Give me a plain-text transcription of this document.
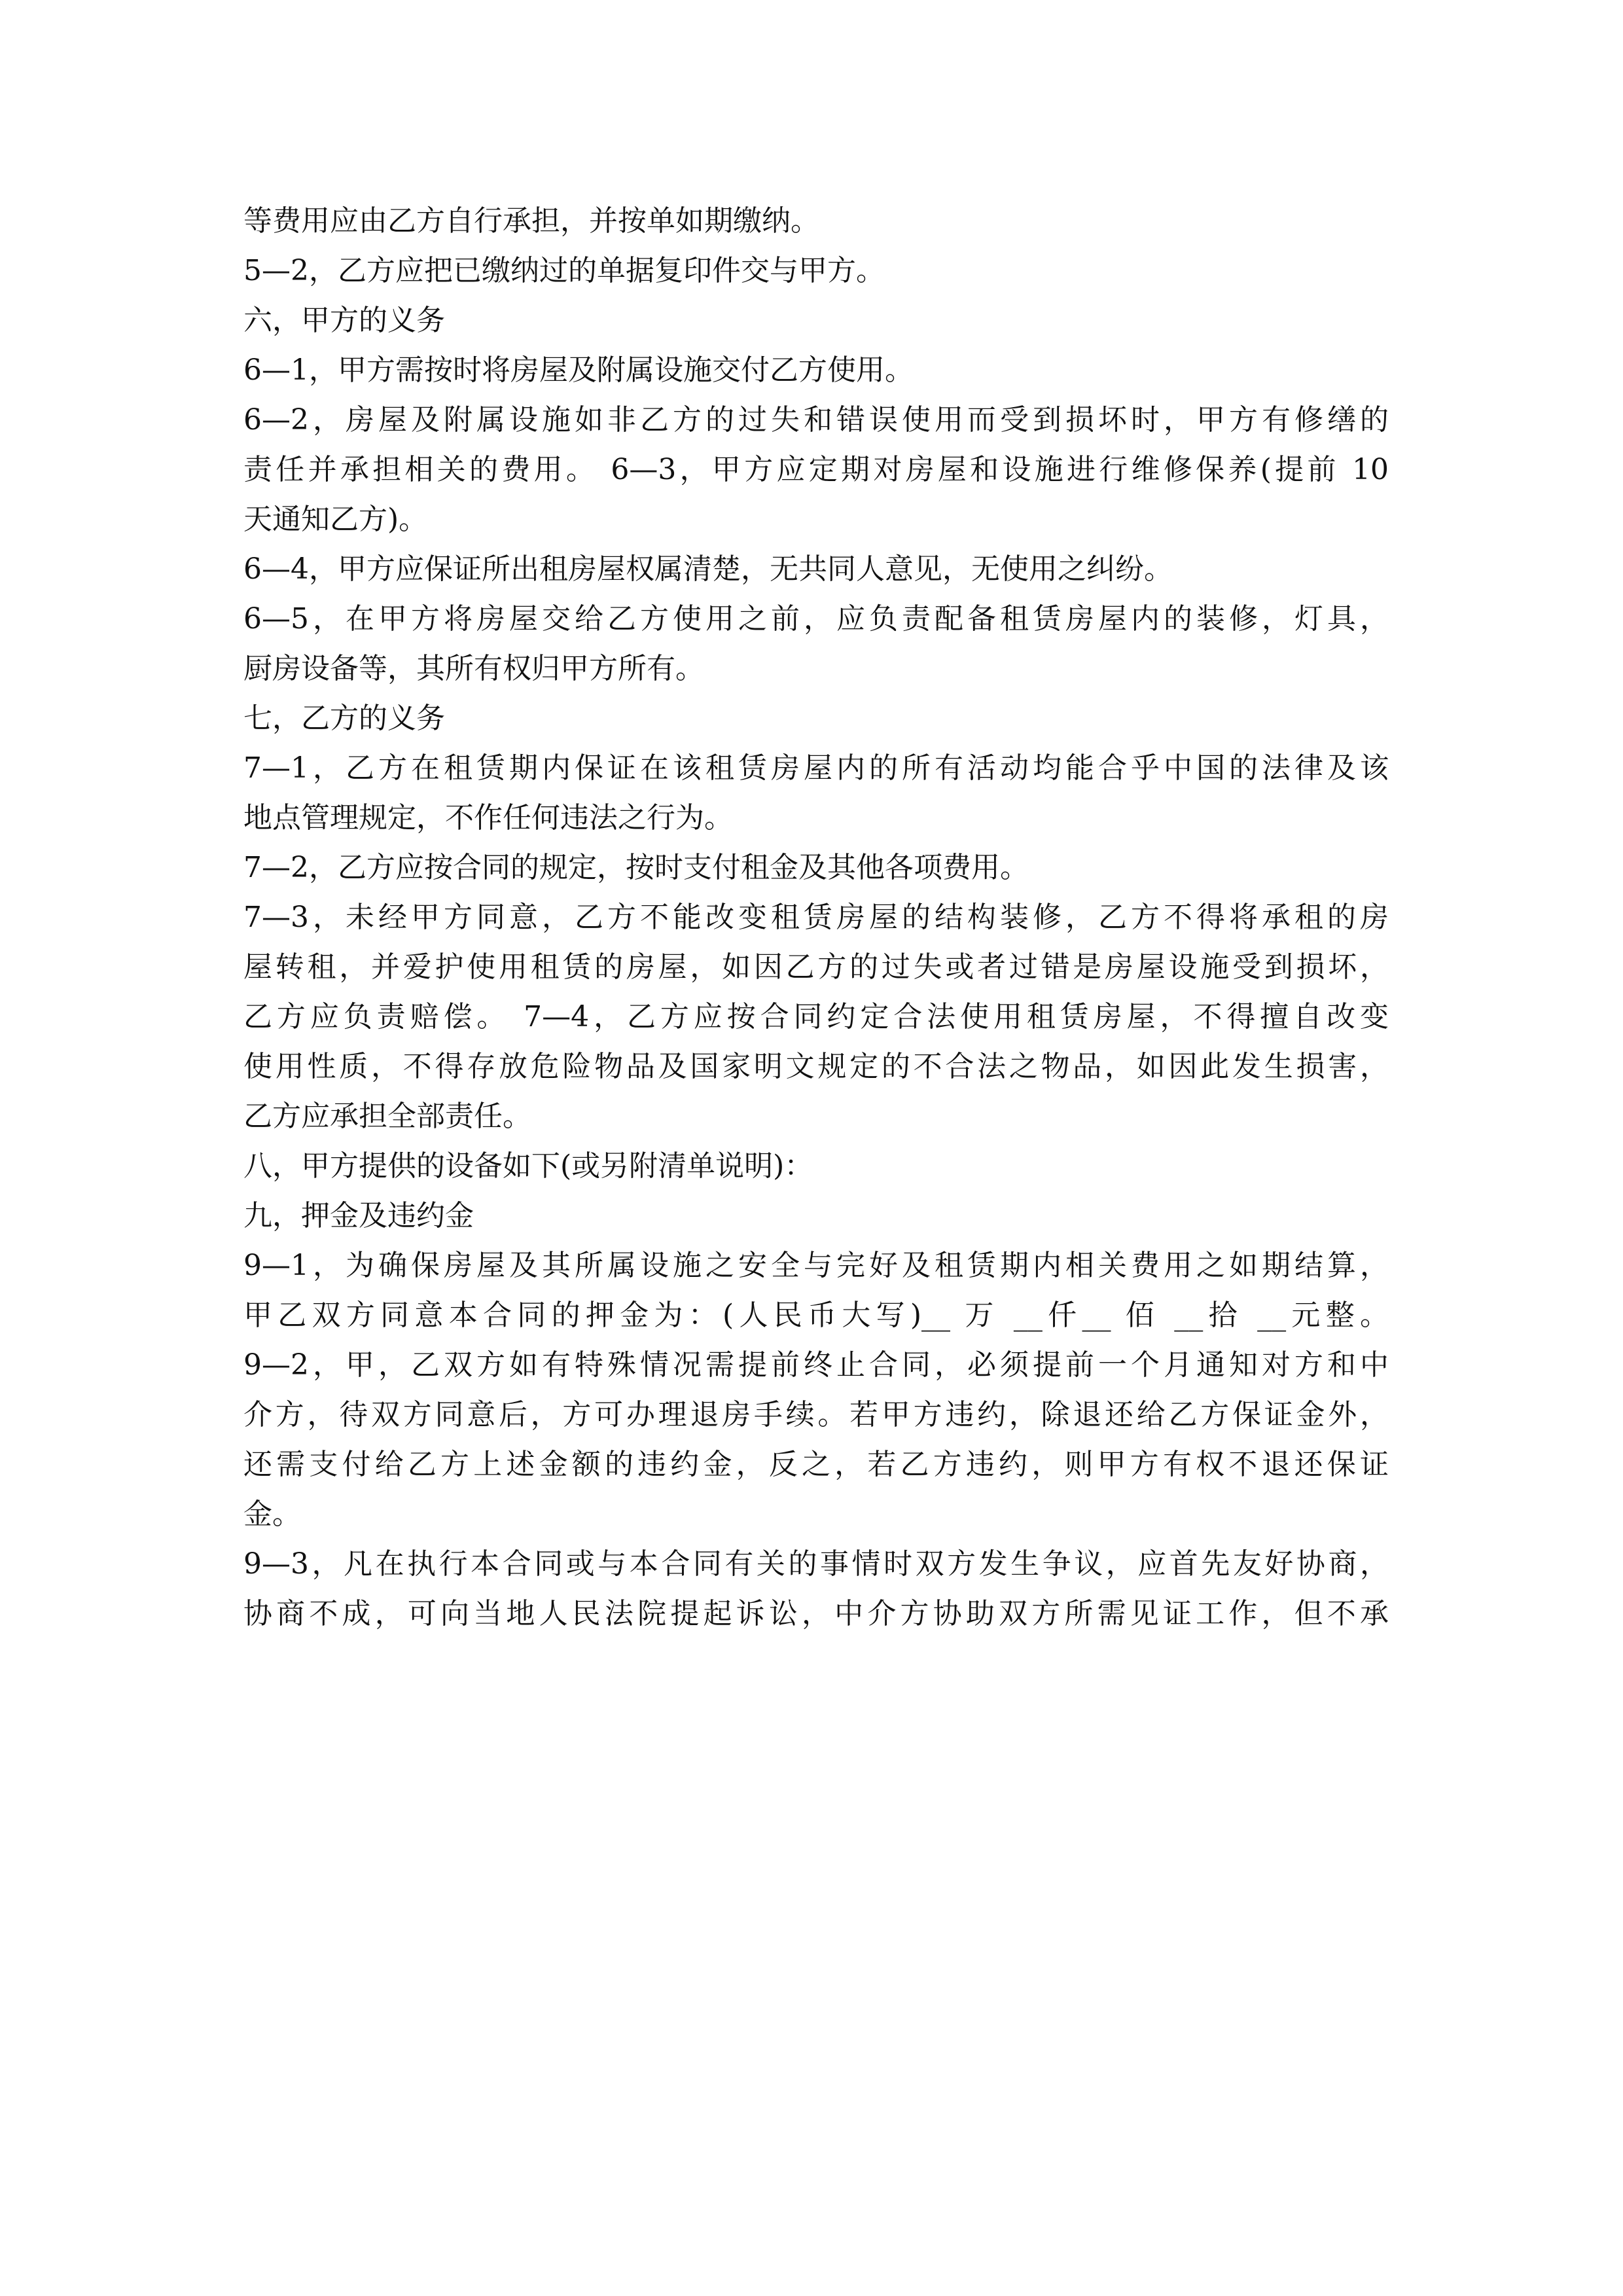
等费用应由乙方自行承担，并按单如期缴纳。
5—2，乙方应把已缴纳过的单据复印件交与甲方。
六，甲方的义务
6—1，甲方需按时将房屋及附属设施交付乙方使用。
6—2，房屋及附属设施如非乙方的过失和错误使用而受到损坏时，甲方有修缮的
责任并承担相关的费用。 6—3，甲方应定期对房屋和设施进行维修保养(提前 10
天通知乙方)。
6—4，甲方应保证所出租房屋权属清楚，无共同人意见，无使用之纠纷。
6—5，在甲方将房屋交给乙方使用之前，应负责配备租赁房屋内的装修，灯具，
厨房设备等，其所有权归甲方所有。
七，乙方的义务
7—1，乙方在租赁期内保证在该租赁房屋内的所有活动均能合乎中国的法律及该
地点管理规定，不作任何违法之行为。
7—2，乙方应按合同的规定，按时支付租金及其他各项费用。
7—3，未经甲方同意，乙方不能改变租赁房屋的结构装修，乙方不得将承租的房
屋转租，并爱护使用租赁的房屋，如因乙方的过失或者过错是房屋设施受到损坏，
乙方应负责赔偿。 7—4，乙方应按合同约定合法使用租赁房屋，不得擅自改变
使用性质，不得存放危险物品及国家明文规定的不合法之物品，如因此发生损害，
乙方应承担全部责任。
八，甲方提供的设备如下(或另附清单说明)：
九，押金及违约金
9—1，为确保房屋及其所属设施之安全与完好及租赁期内相关费用之如期结算，
甲乙双方同意本合同的押金为：(人民币大写)__ 万 __仟__ 佰 __拾 __元整。
9—2，甲，乙双方如有特殊情况需提前终止合同，必须提前一个月通知对方和中
介方，待双方同意后，方可办理退房手续。若甲方违约，除退还给乙方保证金外，
还需支付给乙方上述金额的违约金，反之，若乙方违约，则甲方有权不退还保证
金。
9—3，凡在执行本合同或与本合同有关的事情时双方发生争议，应首先友好协商，
协商不成，可向当地人民法院提起诉讼，中介方协助双方所需见证工作，但不承
